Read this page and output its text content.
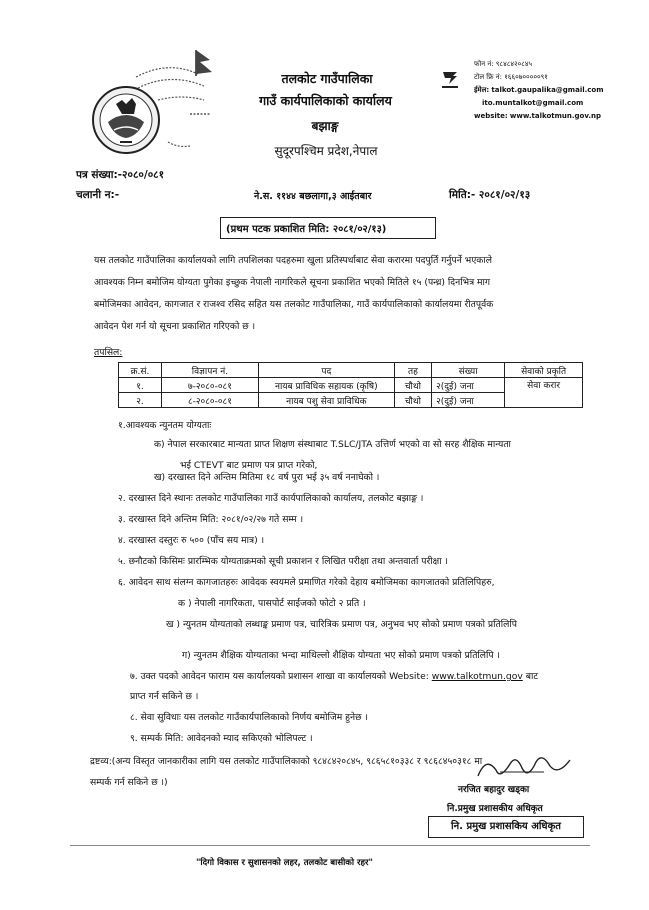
तलकोट गाउँपालिका
गाउँ कार्यपालिकाको कार्यालय
बझाङ्ग
सुदूरपश्चिम प्रदेश,नेपाल
फोन नं: ९८४८४२०८४५
टोल फ्रि नं: १६६०७०००००९१
ईमेल: talkot.gaupalika@gmail.com
ito.muntalkot@gmail.com
website: www.talkotmun.gov.np
पत्र संख्या:-२०८०/०८१
चलानी न:-	ने.स. ११४४ बछलागा,३ आईतबार	मिति:- २०८१/०२/१३
(प्रथम पटक प्रकाशित मिति: २०८१/०२/१३)
यस तलकोट गाउँपालिका कार्यालयको लागि तपशिलका पदहरुमा खुला प्रतिस्पर्धाबाट सेवा करारमा पदपुर्ति गर्नुपर्ने भएकाले
आवश्यक निम्न बमोजिम योग्यता पुगेका इच्छुक नेपाली नागरिकले सूचना प्रकाशित भएको मितिले १५ (पन्ध्र) दिनभित्र माग
बमोजिमका आवेदन, कागजात र राजश्व रसिद सहित यस तलकोट गाउँपालिका, गाउँ कार्यपालिकाको कार्यालयमा रीतपूर्वक
आवेदन पेश गर्न यो सूचना प्रकाशित गरिएको छ ।
तपसिल:
क्र.सं.	विज्ञापन नं.	पद	तह	संख्या	सेवाको प्रकृति
१.	७-२०८०-०८१	नायब प्राविधिक सहायक (कृषि)	चौथो	२(दुई) जना	सेवा करार
२.	८-२०८०-०८१	नायब पशु सेवा प्राविधिक	चौथो	२(दुई) जना	
१.आवश्यक न्युनतम योग्यताः
क) नेपाल सरकारबाट मान्यता प्राप्त शिक्षण संस्थाबाट T.SLC/JTA उत्तिर्ण भएको वा सो सरह शैक्षिक मान्यता
भई CTEVT बाट प्रमाण पत्र प्राप्त गरेको,
ख) दरखास्त दिने अन्तिम मितिमा १८ वर्ष पुरा भई ३५ वर्ष ननाघेको ।
२. दरखास्त दिने स्थानः तलकोट गाउँपालिका गाउँ कार्यपालिकाको कार्यालय, तलकोट बझाङ्ग ।
३. दरखास्त दिने अन्तिम मिति: २०८१/०२/२७ गते सम्म ।
४. दरखास्त दस्तुरः रु ५०० (पाँच सय मात्र) ।
५. छनौटको किसिमः प्रारम्भिक योग्यताक्रमको सूची प्रकाशन र लिखित परीक्षा तथा अन्तवार्ता परीक्षा ।
६. आवेदन साथ संलग्न कागजातहरुः आवेदक स्वयमले प्रमाणित गरेको देहाय बमोजिमका कागजातको प्रतिलिपिहरु,
क ) नेपाली नागरिकता, पासपोर्ट साईजको फोटो २ प्रति ।
ख ) न्युनतम योग्यताको लब्धाङ्क प्रमाण पत्र, चारित्रिक प्रमाण पत्र, अनुभव भए सोको प्रमाण पत्रको प्रतिलिपि
ग) न्युनतम शैक्षिक योग्यताका भन्दा माथिल्लो शैक्षिक योग्यता भए सोको प्रमाण पत्रको प्रतिलिपि ।
७. उक्त पदको आवेदन फाराम यस कार्यालयको प्रशासन शाखा वा कार्यालयको Website: www.talkotmun.gov बाट
प्राप्त गर्न सकिने छ ।
८. सेवा सुविधाः यस तलकोट गाउँकार्यपालिकाको निर्णय बमोजिम हुनेछ ।
९. सम्पर्क मिति: आवेदनको म्याद सकिएको भोलिपल्ट ।
द्रष्टव्य:(अन्य विस्तृत जानकारीका लागि यस तलकोट गाउँपालिकाको ९८४८४२०८४५, ९८६५८१०३३८ र ९८६८४५०३१८ मा
सम्पर्क गर्न सकिने छ ।)
नरजित बहादुर खड्का
नि.प्रमुख प्रशासकीय अधिकृत
नि. प्रमुख प्रशासकिय अधिकृत
"दिगो विकास र सुशासनको लहर, तलकोट बासीको रहर"
